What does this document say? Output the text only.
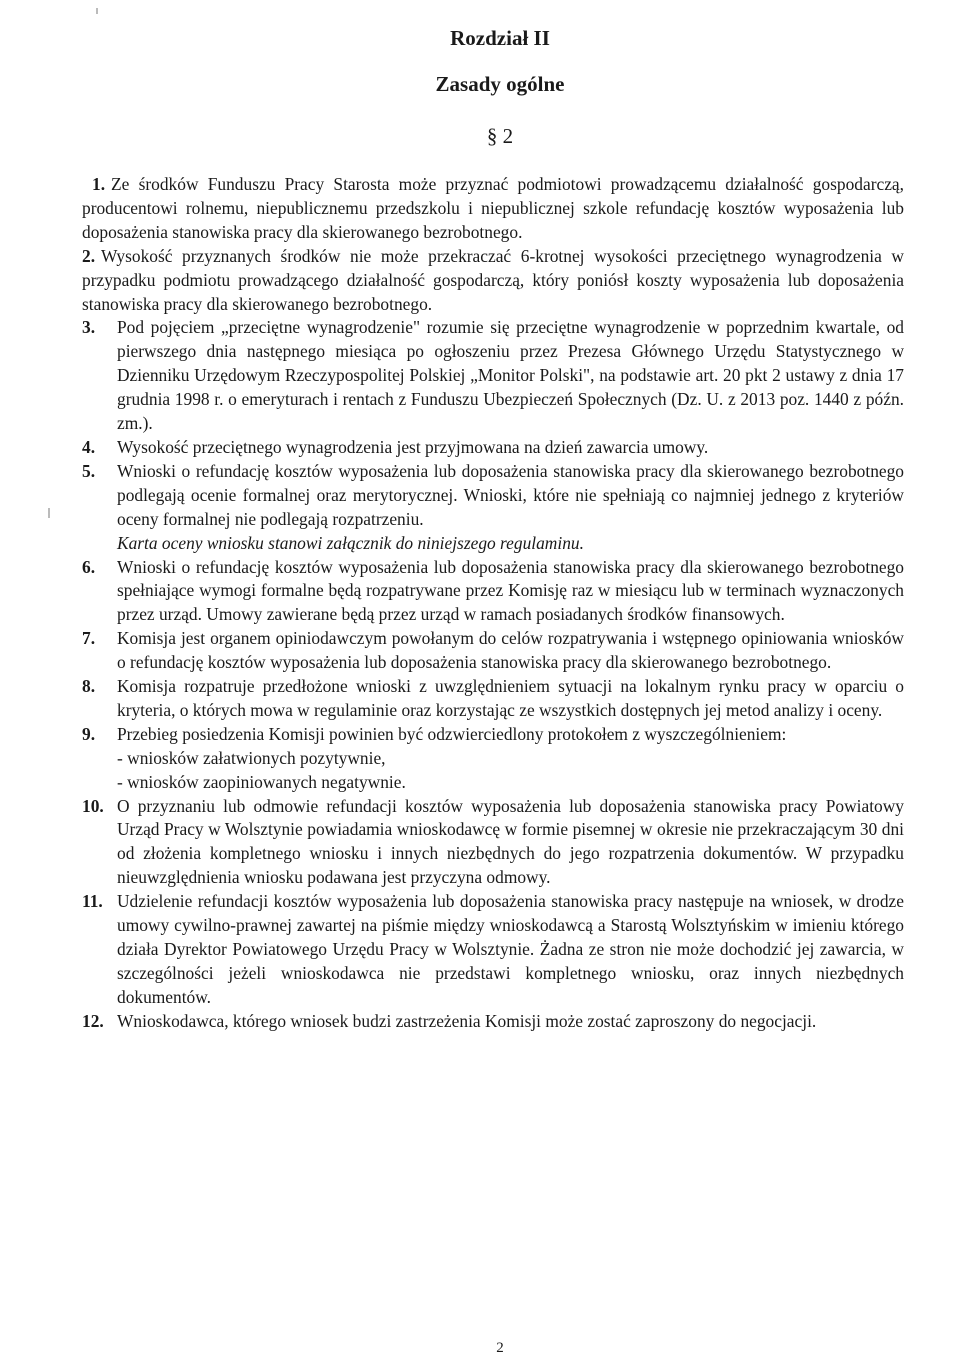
Rozdział II
Zasady ogólne

§ 2

1. Ze środków Funduszu Pracy Starosta może przyznać podmiotowi prowadzącemu działalność gospodarczą, producentowi rolnemu, niepublicznemu przedszkolu i niepublicznej szkole refundację kosztów wyposażenia lub doposażenia stanowiska pracy dla skierowanego bezrobotnego.

2. Wysokość przyznanych środków nie może przekraczać 6-krotnej wysokości przeciętnego wynagrodzenia w przypadku podmiotu prowadzącego działalność gospodarczą, który poniósł koszty wyposażenia lub doposażenia stanowiska pracy dla skierowanego bezrobotnego.

3. Pod pojęciem „przeciętne wynagrodzenie" rozumie się przeciętne wynagrodzenie w poprzednim kwartale, od pierwszego dnia następnego miesiąca po ogłoszeniu przez Prezesa Głównego Urzędu Statystycznego w Dzienniku Urzędowym Rzeczypospolitej Polskiej „Monitor Polski", na podstawie art. 20 pkt 2 ustawy z dnia 17 grudnia 1998 r. o emeryturach i rentach z Funduszu Ubezpieczeń Społecznych (Dz. U. z 2013 poz. 1440 z późn. zm.).

4. Wysokość przeciętnego wynagrodzenia jest przyjmowana na dzień zawarcia umowy.

5. Wnioski o refundację kosztów wyposażenia lub doposażenia stanowiska pracy dla skierowanego bezrobotnego podlegają ocenie formalnej oraz merytorycznej. Wnioski, które nie spełniają co najmniej jednego z kryteriów oceny formalnej nie podlegają rozpatrzeniu.
Karta oceny wniosku stanowi załącznik do niniejszego regulaminu.

6. Wnioski o refundację kosztów wyposażenia lub doposażenia stanowiska pracy dla skierowanego bezrobotnego spełniające wymogi formalne będą rozpatrywane przez Komisję raz w miesiącu lub w terminach wyznaczonych przez urząd. Umowy zawierane będą przez urząd w ramach posiadanych środków finansowych.

7. Komisja jest organem opiniodawczym powołanym do celów rozpatrywania i wstępnego opiniowania wniosków o refundację kosztów wyposażenia lub doposażenia stanowiska pracy dla skierowanego bezrobotnego.

8. Komisja rozpatruje przedłożone wnioski z uwzględnieniem sytuacji na lokalnym rynku pracy w oparciu o kryteria, o których mowa w regulaminie oraz korzystając ze wszystkich dostępnych jej metod analizy i oceny.

9. Przebieg posiedzenia Komisji powinien być odzwierciedlony protokołem z wyszczególnieniem:
- wniosków załatwionych pozytywnie,
- wniosków zaopiniowanych negatywnie.

10. O przyznaniu lub odmowie refundacji kosztów wyposażenia lub doposażenia stanowiska pracy Powiatowy Urząd Pracy w Wolsztynie powiadamia wnioskodawcę w formie pisemnej w okresie nie przekraczającym 30 dni od złożenia kompletnego wniosku i innych niezbędnych do jego rozpatrzenia dokumentów. W przypadku nieuwzględnienia wniosku podawana jest przyczyna odmowy.

11. Udzielenie refundacji kosztów wyposażenia lub doposażenia stanowiska pracy następuje na wniosek, w drodze umowy cywilno-prawnej zawartej na piśmie między wnioskodawcą a Starostą Wolsztyńskim w imieniu którego działa Dyrektor Powiatowego Urzędu Pracy w Wolsztynie. Żadna ze stron nie może dochodzić jej zawarcia, w szczególności jeżeli wnioskodawca nie przedstawi kompletnego wniosku, oraz innych niezbędnych dokumentów.

12. Wnioskodawca, którego wniosek budzi zastrzeżenia Komisji może zostać zaproszony do negocjacji.

2
